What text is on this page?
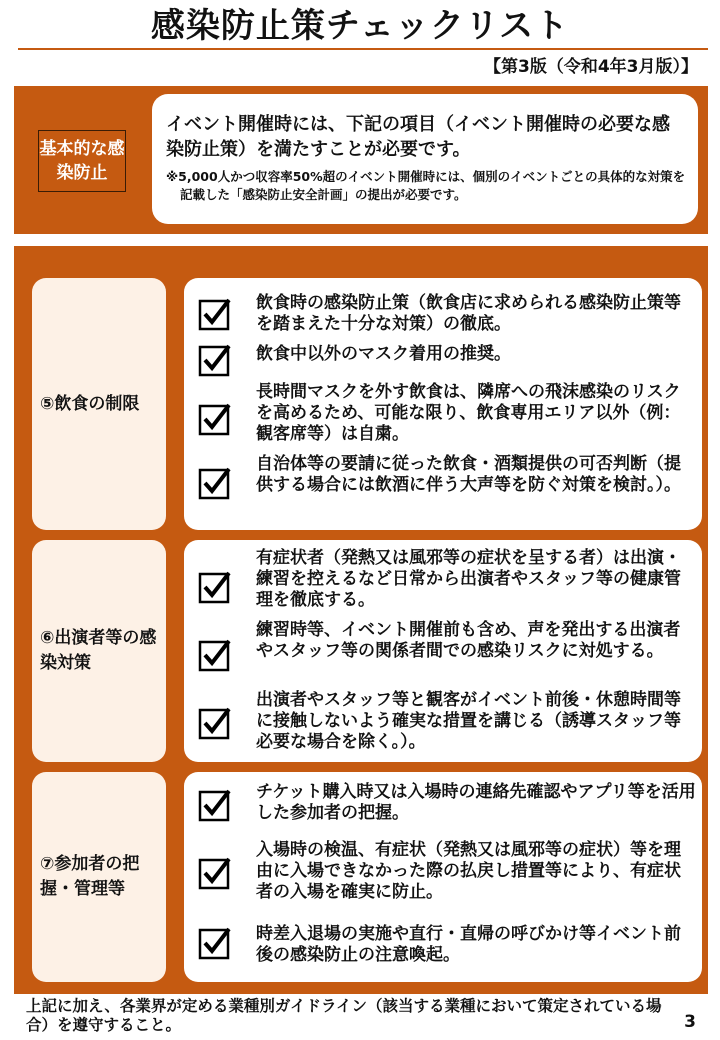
感染防止策チェックリスト
【第3版（令和4年3月版）】
基本的な感染防止
イベント開催時には、下記の項目（イベント開催時の必要な感染防止策）を満たすことが必要です。
※5,000人かつ収容率50%超のイベント開催時には、個別のイベントごとの具体的な対策を記載した「感染防止安全計画」の提出が必要です。
⑤飲食の制限
飲食時の感染防止策（飲食店に求められる感染防止策等を踏まえた十分な対策）の徹底。
飲食中以外のマスク着用の推奨。
長時間マスクを外す飲食は、隣席への飛沫感染のリスクを高めるため、可能な限り、飲食専用エリア以外（例：観客席等）は自粛。
自治体等の要請に従った飲食・酒類提供の可否判断（提供する場合には飲酒に伴う大声等を防ぐ対策を検討。）。
⑥出演者等の感染対策
有症状者（発熱又は風邪等の症状を呈する者）は出演・練習を控えるなど日常から出演者やスタッフ等の健康管理を徹底する。
練習時等、イベント開催前も含め、声を発出する出演者やスタッフ等の関係者間での感染リスクに対処する。
出演者やスタッフ等と観客がイベント前後・休憩時間等に接触しないよう確実な措置を講じる（誘導スタッフ等必要な場合を除く。）。
⑦参加者の把握・管理等
チケット購入時又は入場時の連絡先確認やアプリ等を活用した参加者の把握。
入場時の検温、有症状（発熱又は風邪等の症状）等を理由に入場できなかった際の払戻し措置等により、有症状者の入場を確実に防止。
時差入退場の実施や直行・直帰の呼びかけ等イベント前後の感染防止の注意喚起。
上記に加え、各業界が定める業種別ガイドライン（該当する業種において策定されている場合）を遵守すること。	3
